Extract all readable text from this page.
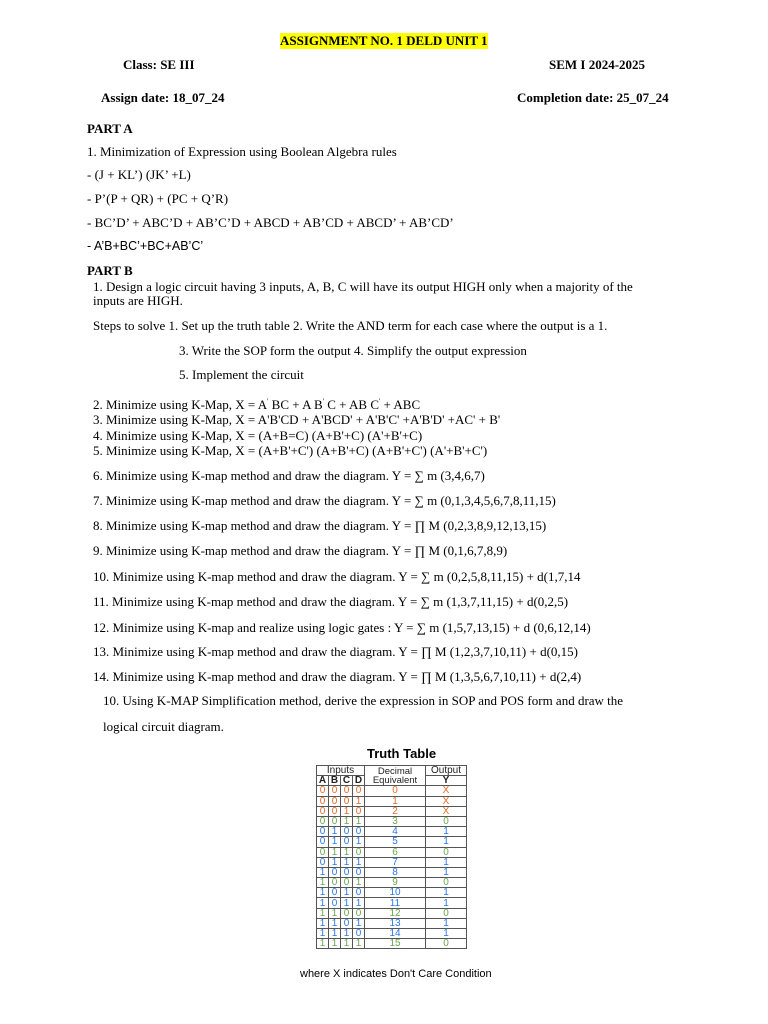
ASSIGNMENT NO. 1 DELD UNIT 1
Class: SE III	SEM I 2024-2025
Assign date: 18_07_24	Completion date: 25_07_24
PART A
1. Minimization of Expression using Boolean Algebra rules
- (J + KL’) (JK’ +L)
- P’(P + QR) + (PC + Q’R)
- BC’D’ + ABC’D + AB’C’D + ABCD + AB’CD + ABCD’ + AB’CD’
- A’B+BC’+BC+AB’C’
PART B
1. Design a logic circuit having 3 inputs, A, B, C will have its output HIGH only when a majority of the
inputs are HIGH.
Steps to solve 1. Set up the truth table 2. Write the AND term for each case where the output is a 1.
3. Write the SOP form the output 4. Simplify the output expression
5. Implement the circuit
2. Minimize using K-Map, X = A' BC + A B' C + AB C' + ABC
3. Minimize using K-Map, X = A'B'CD + A'BCD' + A'B'C' +A'B'D' +AC' + B'
4. Minimize using K-Map, X = (A+B=C) (A+B'+C) (A'+B'+C)
5. Minimize using K-Map, X = (A+B'+C') (A+B'+C) (A+B'+C') (A'+B'+C')
6. Minimize using K-map method and draw the diagram. Y = ∑ m (3,4,6,7)
7. Minimize using K-map method and draw the diagram. Y = ∑ m (0,1,3,4,5,6,7,8,11,15)
8. Minimize using K-map method and draw the diagram. Y = ∏ M (0,2,3,8,9,12,13,15)
9. Minimize using K-map method and draw the diagram. Y = ∏ M (0,1,6,7,8,9)
10. Minimize using K-map method and draw the diagram. Y = ∑ m (0,2,5,8,11,15) + d(1,7,14
11. Minimize using K-map method and draw the diagram. Y = ∑ m (1,3,7,11,15) + d(0,2,5)
12. Minimize using K-map and realize using logic gates : Y = ∑ m (1,5,7,13,15) + d (0,6,12,14)
13. Minimize using K-map method and draw the diagram. Y = ∏ M (1,2,3,7,10,11) + d(0,15)
14. Minimize using K-map method and draw the diagram. Y = ∏ M (1,3,5,6,7,10,11) + d(2,4)
10. Using K-MAP Simplification method, derive the expression in SOP and POS form and draw the
logical circuit diagram.
Truth Table
Inputs				Decimal Equivalent	Output
A	B	C	D		Y
0	0	0	0	0	X
0	0	0	1	1	X
0	0	1	0	2	X
0	0	1	1	3	0
0	1	0	0	4	1
0	1	0	1	5	1
0	1	1	0	6	0
0	1	1	1	7	1
1	0	0	0	8	1
1	0	0	1	9	0
1	0	1	0	10	1
1	0	1	1	11	1
1	1	0	0	12	0
1	1	0	1	13	1
1	1	1	0	14	1
1	1	1	1	15	0
where X indicates Don't Care Condition
